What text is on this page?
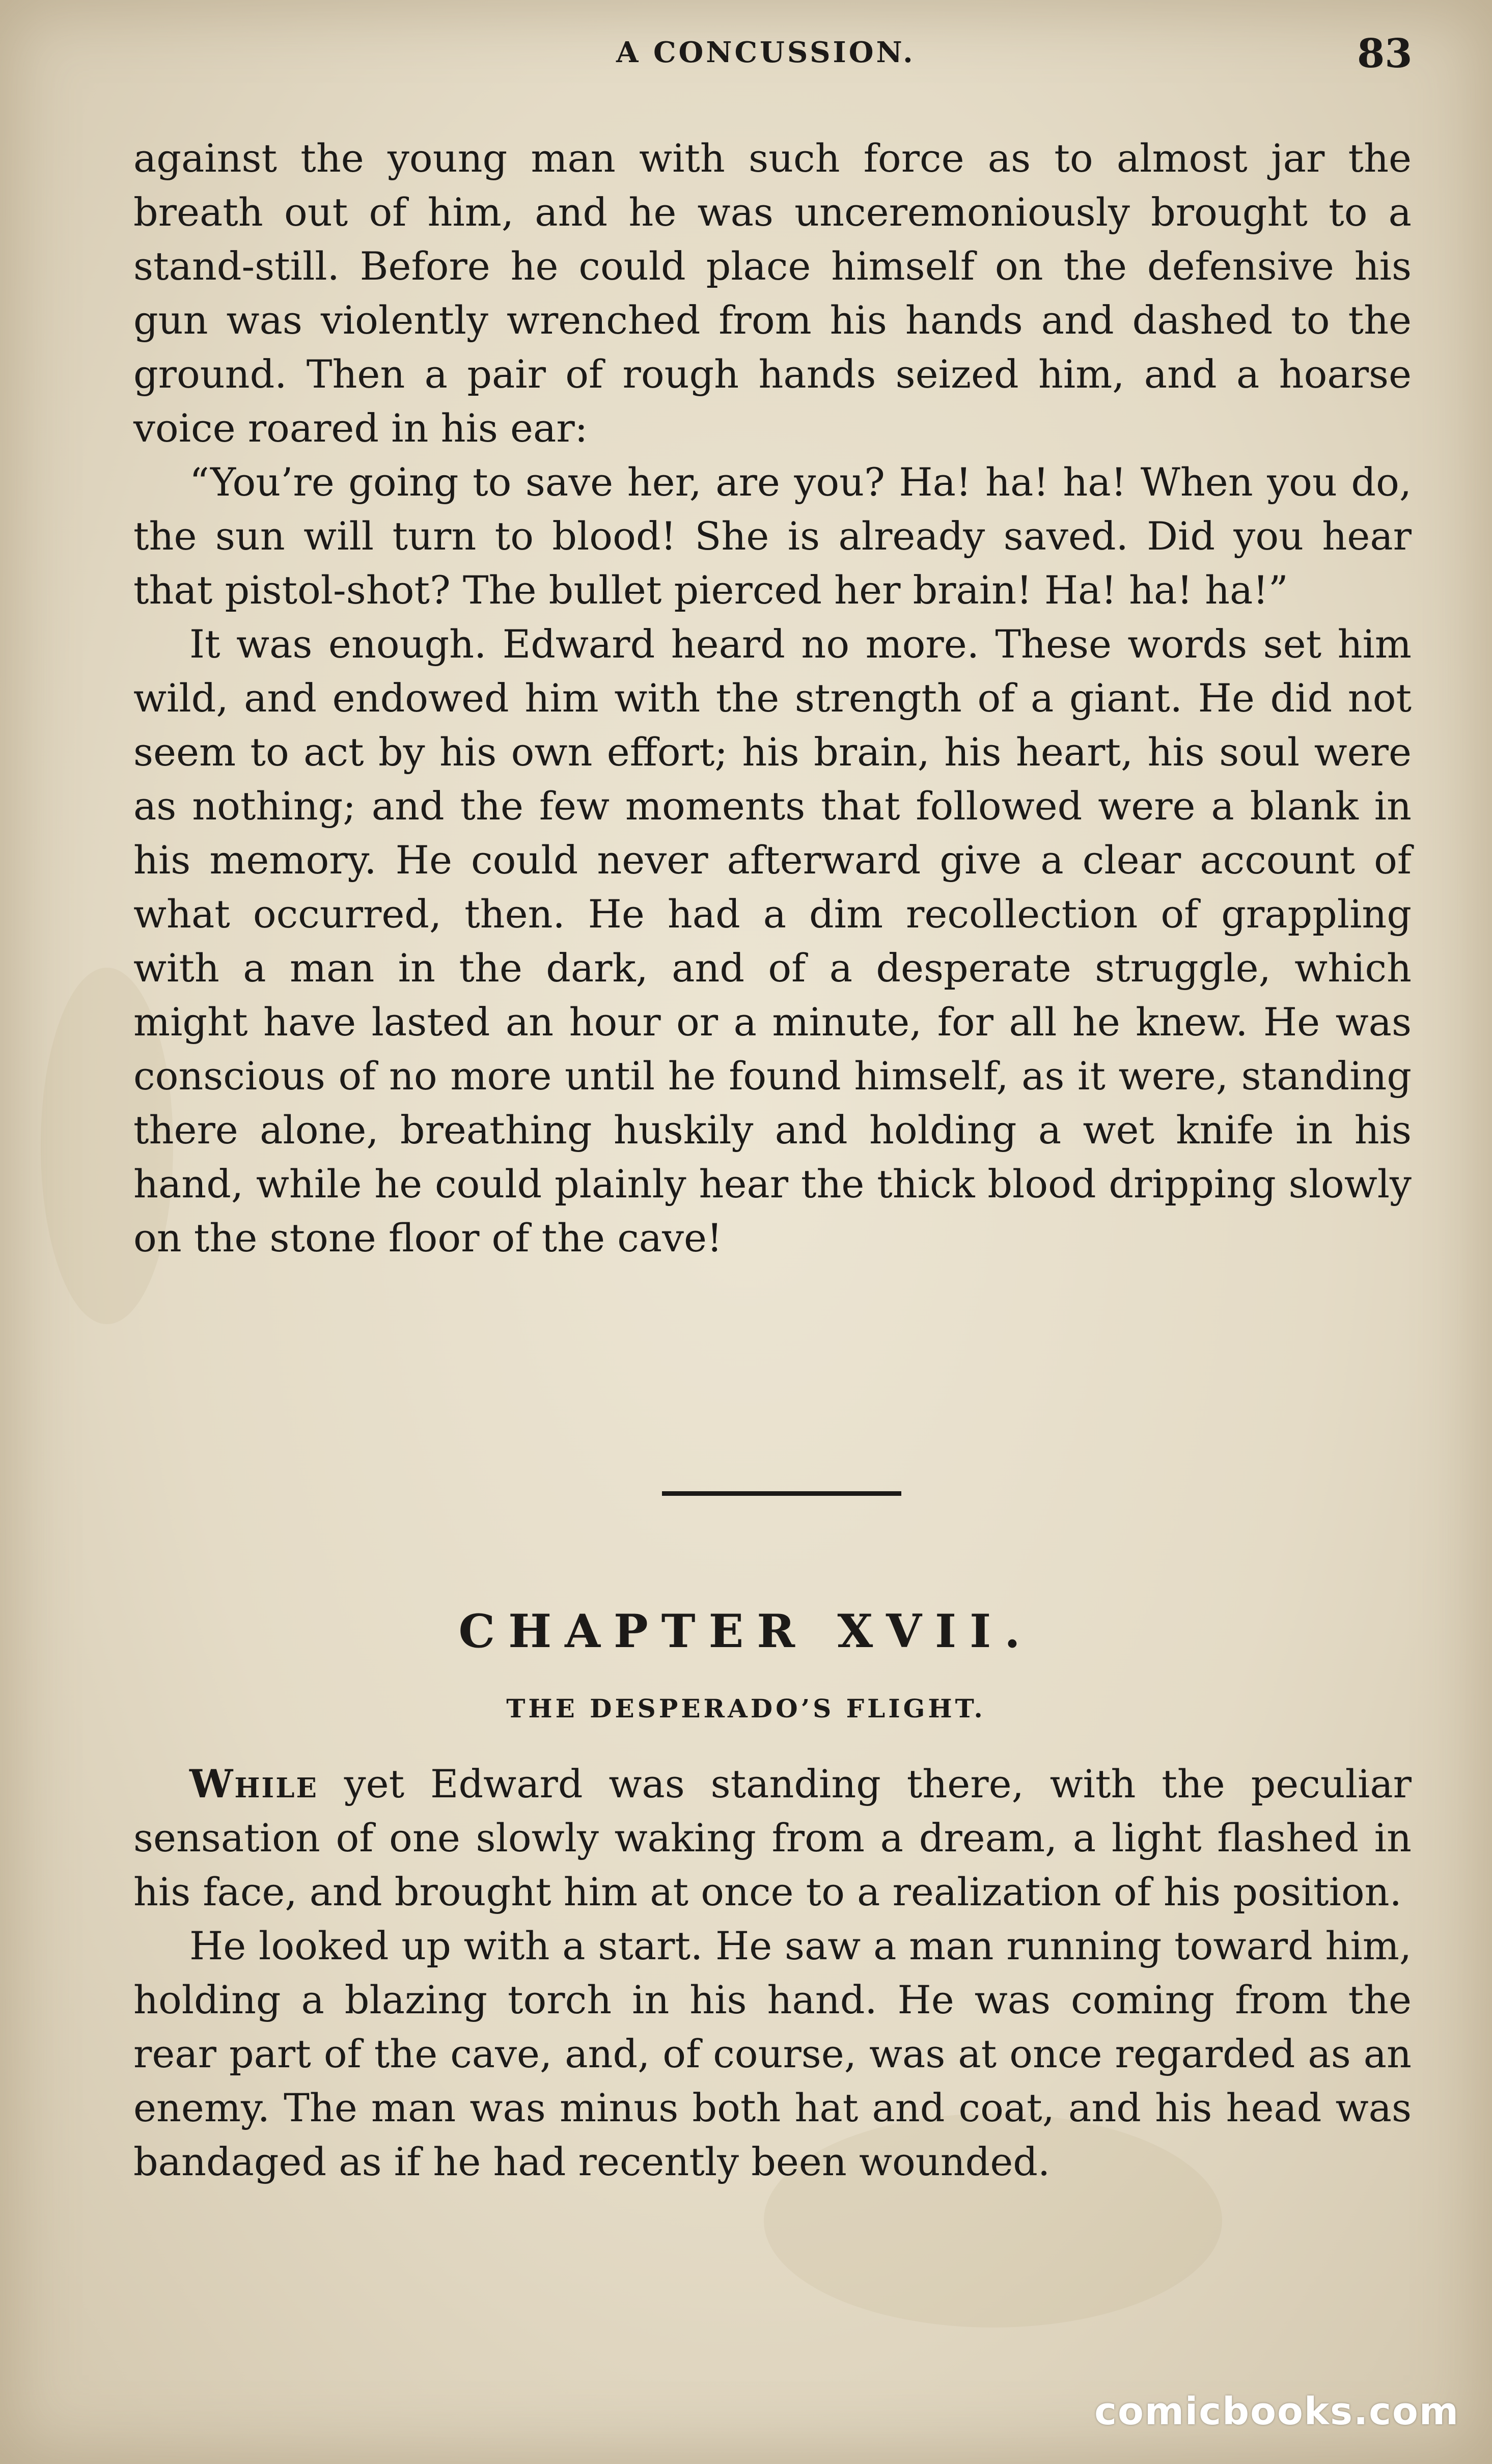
A CONCUSSION.	83

against the young man with such force as to almost jar the breath out of him, and he was unceremoniously brought to a stand-still. Before he could place himself on the defensive his gun was violently wrenched from his hands and dashed to the ground. Then a pair of rough hands seized him, and a hoarse voice roared in his ear:

“You’re going to save her, are you? Ha! ha! ha! When you do, the sun will turn to blood! She is already saved. Did you hear that pistol-shot? The bullet pierced her brain! Ha! ha! ha!”

It was enough. Edward heard no more. These words set him wild, and endowed him with the strength of a giant. He did not seem to act by his own effort; his brain, his heart, his soul were as nothing; and the few moments that followed were a blank in his memory. He could never afterward give a clear account of what occurred, then. He had a dim recollection of grappling with a man in the dark, and of a desperate struggle, which might have lasted an hour or a minute, for all he knew. He was conscious of no more until he found himself, as it were, standing there alone, breathing huskily and holding a wet knife in his hand, while he could plainly hear the thick blood dripping slowly on the stone floor of the cave!

CHAPTER XVII.
THE DESPERADO’S FLIGHT.

While yet Edward was standing there, with the peculiar sensation of one slowly waking from a dream, a light flashed in his face, and brought him at once to a realization of his position.

He looked up with a start. He saw a man running toward him, holding a blazing torch in his hand. He was coming from the rear part of the cave, and, of course, was at once regarded as an enemy. The man was minus both hat and coat, and his head was bandaged as if he had recently been wounded.

comicbooks.com
